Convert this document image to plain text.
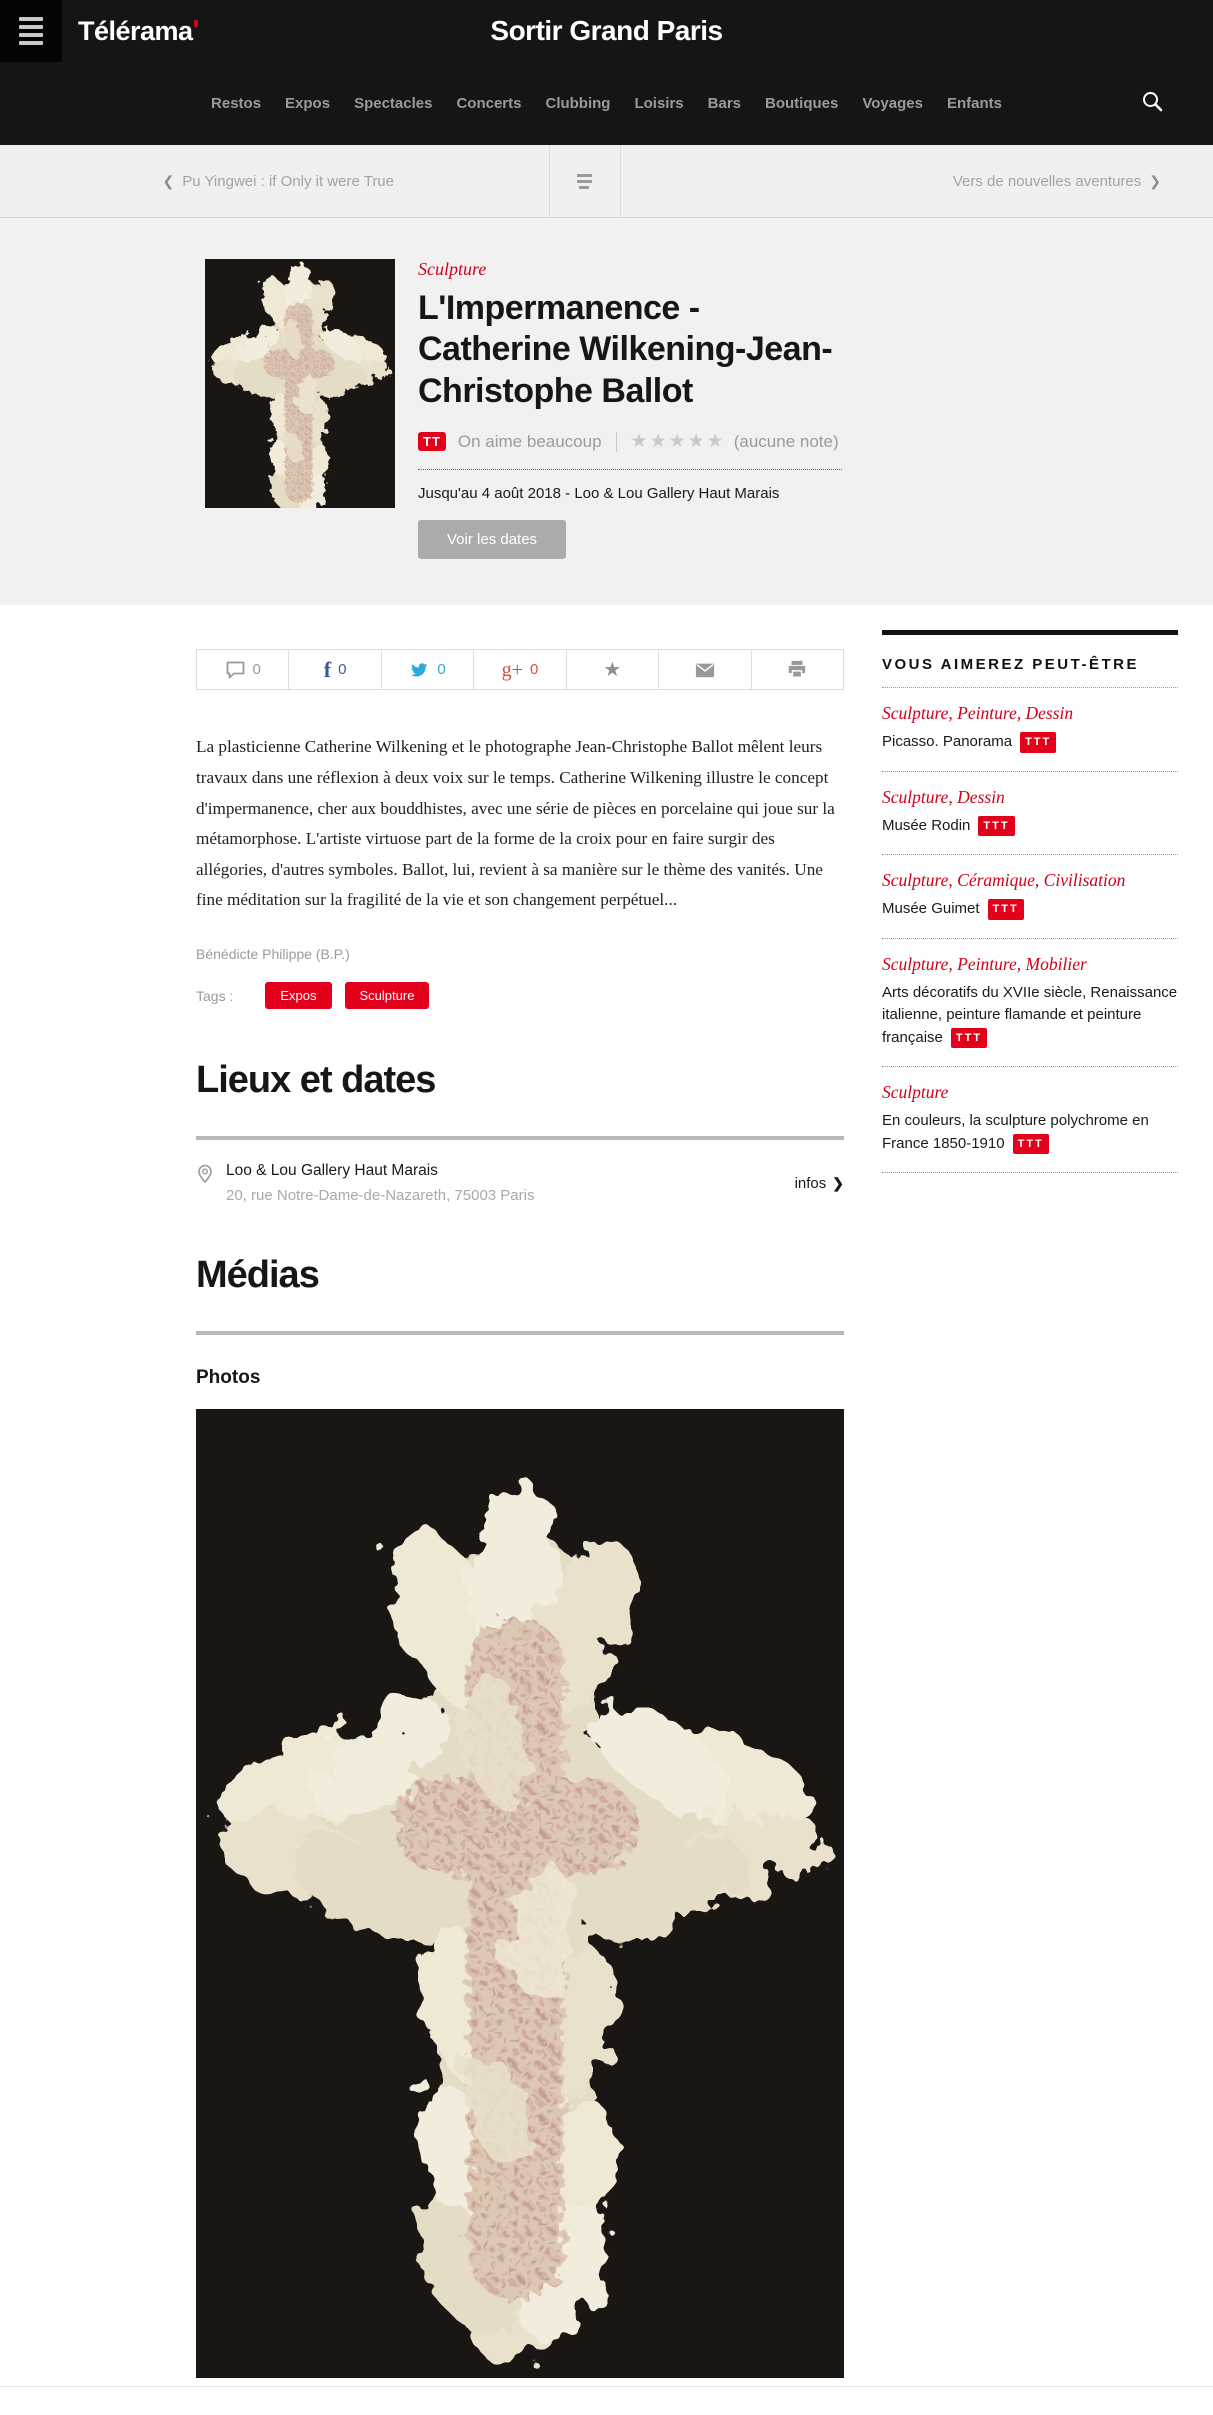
Télérama'	Sortir Grand Paris
Restos Expos Spectacles Concerts Clubbing Loisirs Bars Boutiques Voyages Enfants
❮ Pu Yingwei : if Only it were True	Vers de nouvelles aventures ❯
Sculpture
L'Impermanence - Catherine Wilkening-Jean-Christophe Ballot
TT On aime beaucoup ★★★★★ (aucune note)
Jusqu'au 4 août 2018 - Loo & Lou Gallery Haut Marais
Voir les dates
0	f 0	0	g+ 0	★

La plasticienne Catherine Wilkening et le photographe Jean-Christophe Ballot mêlent leurs travaux dans une réflexion à deux voix sur le temps. Catherine Wilkening illustre le concept d'impermanence, cher aux bouddhistes, avec une série de pièces en porcelaine qui joue sur la métamorphose. L'artiste virtuose part de la forme de la croix pour en faire surgir des allégories, d'autres symboles. Ballot, lui, revient à sa manière sur le thème des vanités. Une fine méditation sur la fragilité de la vie et son changement perpétuel...

Bénédicte Philippe (B.P.)
Tags :	Expos	Sculpture
Lieux et dates
Loo & Lou Gallery Haut Marais
20, rue Notre-Dame-de-Nazareth, 75003 Paris
infos ❯
Médias
Photos
VOUS AIMEREZ PEUT-ÊTRE
Sculpture, Peinture, Dessin
Picasso. Panorama TTT
Sculpture, Dessin
Musée Rodin TTT
Sculpture, Céramique, Civilisation
Musée Guimet TTT
Sculpture, Peinture, Mobilier
Arts décoratifs du XVIIe siècle, Renaissance italienne, peinture flamande et peinture française TTT
Sculpture
En couleurs, la sculpture polychrome en France 1850-1910 TTT
